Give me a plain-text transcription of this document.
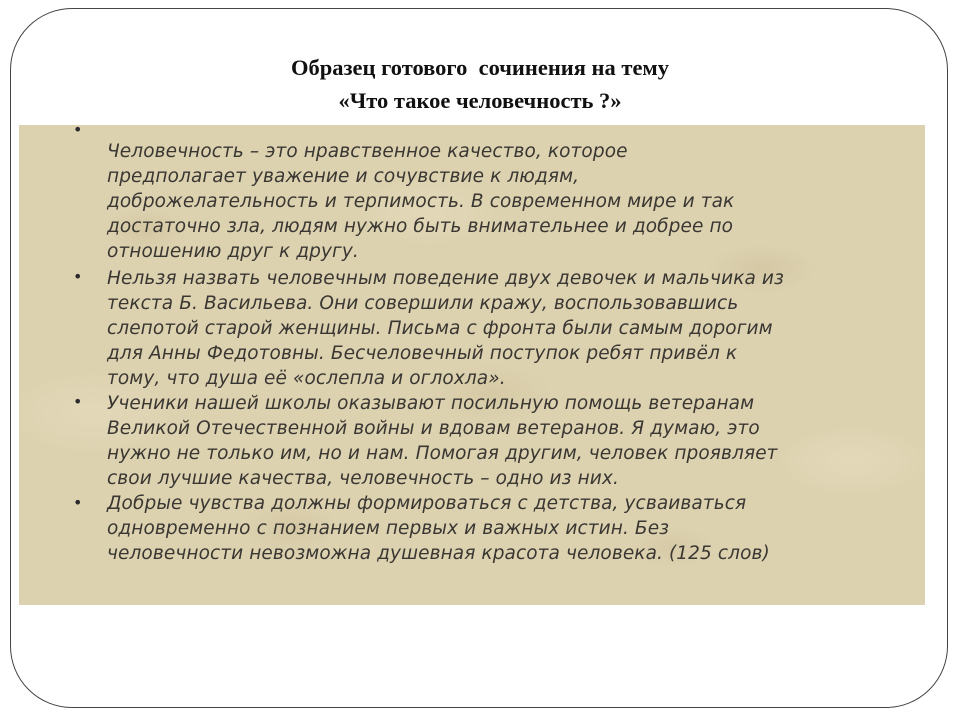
Образец готового  сочинения на тему
«Что такое человечность ?»
•
Человечность – это нравственное качество, которое
предполагает уважение и сочувствие к людям,
доброжелательность и терпимость. В современном мире и так
достаточно зла, людям нужно быть внимательнее и добрее по
отношению друг к другу.
• Нельзя назвать человечным поведение двух девочек и мальчика из
текста Б. Васильева. Они совершили кражу, воспользовавшись
слепотой старой женщины. Письма с фронта были самым дорогим
для Анны Федотовны. Бесчеловечный поступок ребят привёл к
тому, что душа её «ослепла и оглохла».
• Ученики нашей школы оказывают посильную помощь ветеранам
Великой Отечественной войны и вдовам ветеранов. Я думаю, это
нужно не только им, но и нам. Помогая другим, человек проявляет
свои лучшие качества, человечность – одно из них.
• Добрые чувства должны формироваться с детства, усваиваться
одновременно с познанием первых и важных истин. Без
человечности невозможна душевная красота человека. (125 слов)
